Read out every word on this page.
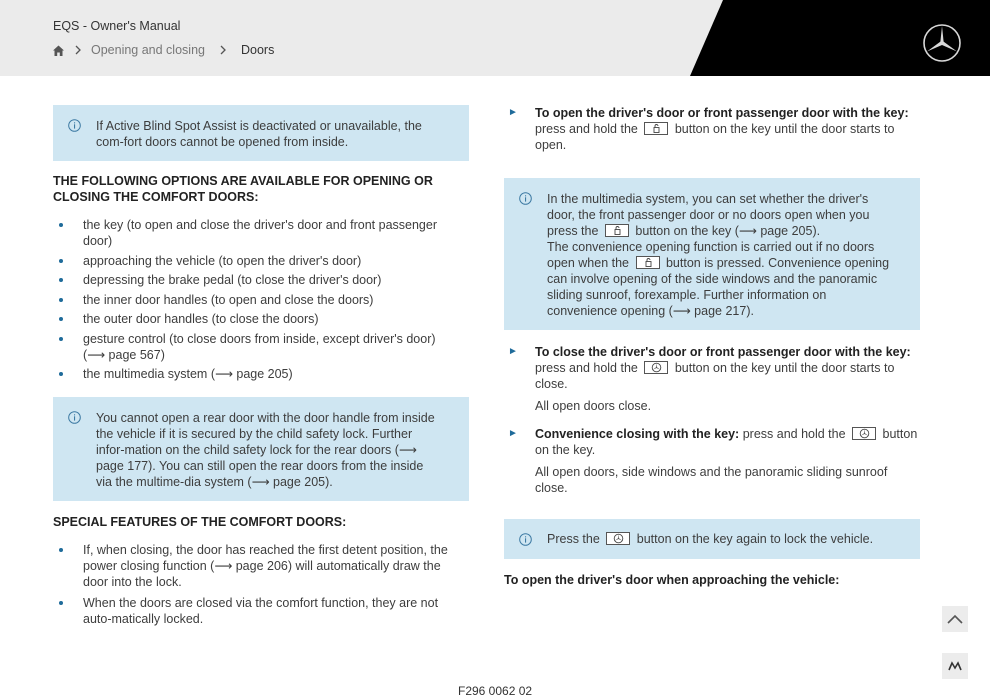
EQS - Owner's Manual
Opening and closing	Doors

If Active Blind Spot Assist is deactivated or unavailable, the com-fort doors cannot be opened from inside.

THE FOLLOWING OPTIONS ARE AVAILABLE FOR OPENING OR CLOSING THE COMFORT DOORS:
the key (to open and close the driver's door and front passenger door)
approaching the vehicle (to open the driver's door)
depressing the brake pedal (to close the driver's door)
the inner door handles (to open and close the doors)
the outer door handles (to close the doors)
gesture control (to close doors from inside, except driver's door) (⟶ page 567)
the multimedia system (⟶ page 205)

You cannot open a rear door with the door handle from inside the vehicle if it is secured by the child safety lock. Further infor-mation on the child safety lock for the rear doors (⟶ page 177). You can still open the rear doors from the inside via the multime-dia system (⟶ page 205).

SPECIAL FEATURES OF THE COMFORT DOORS:
If, when closing, the door has reached the first detent position, the power closing function (⟶ page 206) will automatically draw the door into the lock.
When the doors are closed via the comfort function, they are not auto-matically locked.
► To open the driver's door or front passenger door with the key: press and hold the	button on the key until the door starts to open.

In the multimedia system, you can set whether the driver's door, the front passenger door or no doors open when you press the	button on the key (⟶ page 205).
The convenience opening function is carried out if no doors open when the	button is pressed. Convenience opening can involve opening of the side windows and the panoramic sliding sunroof, forexample. Further information on convenience opening (⟶ page 217).

► To close the driver's door or front passenger door with the key: press and hold the	button on the key until the door starts to close.
All open doors close.
► Convenience closing with the key: press and hold the	button on the key.
All open doors, side windows and the panoramic sliding sunroof close.

Press the	button on the key again to lock the vehicle.

To open the driver's door when approaching the vehicle:
F296 0062 02
